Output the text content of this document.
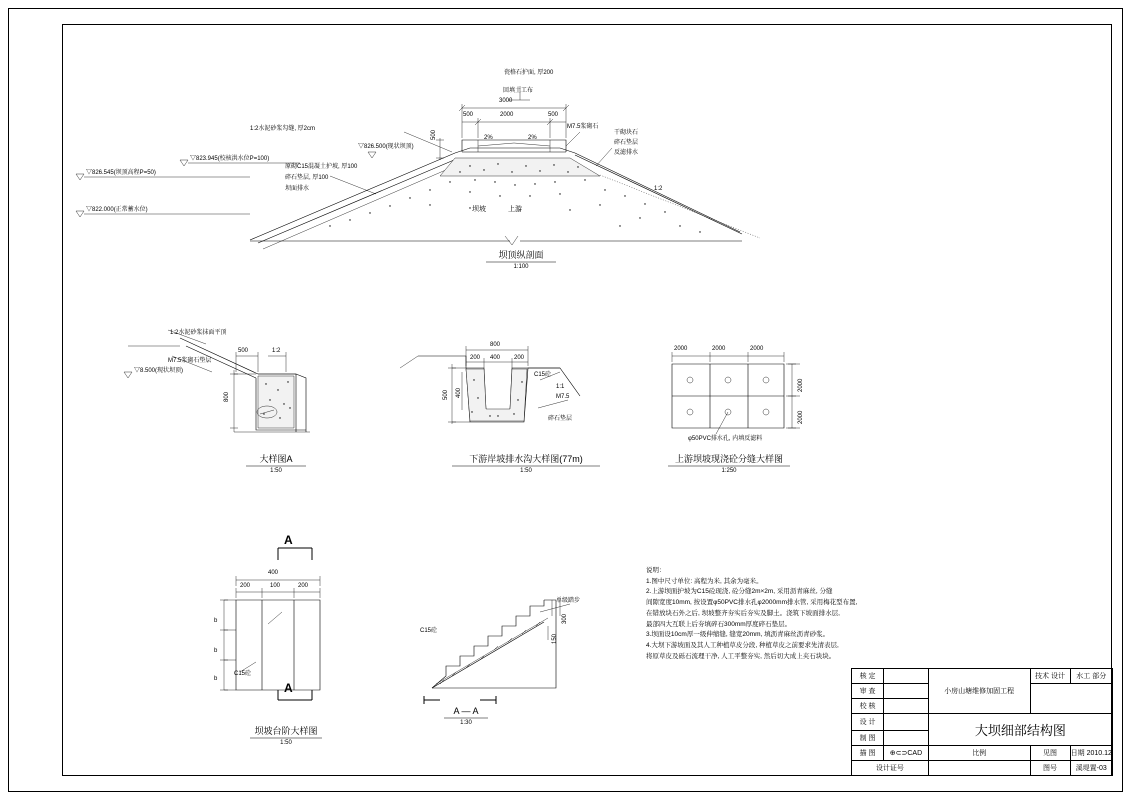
瓷格石护面, 厚200
回填土工布
3000
500	2000	500
M7.5浆砌石
1:2水泥砂浆勾缝, 厚2cm
▽826.500(现状坝顶)
500	2%	2%
干砌块石
碎石垫层
反滤排水
原砌C15混凝土护坡, 厚100
碎石垫层, 厚100
坝面排水
坝坡	上游
1:2
▽826.545(坝顶高程P=50)
▽823.945(校核洪水位P=100)
▽822.000(正常蓄水位)
坝顶纵剖面
1:100
1:2水泥砂浆抹面平顶
M7.5浆砌石垫层
500	1:2
800
▽8.500(现状坝顶)
大样图A
1:50
800
200 400 200
C15砼
500 400
1:1
M7.5
碎石垫层
下游岸坡排水沟大样图(77m)
1:50
2000	2000	2000
2000
2000
φ50PVC排水孔, 内填反滤料
上游坝坡现浇砼分缝大样图
1:250
400
200	100	200
b
b
b
C15砼
A
A
坝坡台阶大样图
1:50
单级踏步
C15砼
300
150
A — A
1:30
说明：
1.图中尺寸单位: 高程为米, 其余为毫米。
2.上游坝面护坡为C15砼现浇, 砼分缝2m×2m, 采用沥青麻丝, 分缝
间隙宽度10mm, 按设置φ50PVC排水孔φ2000mm排水管, 采用梅花型布置,
在错放块石外之后, 坝坡整齐夯实后夯实及脚土。浇筑下坡面排水层,
最部四大互联上后夯填碎石300mm厚度碎石垫层。
3.坝面设10cm厚一级伸缩缝, 缝宽20mm, 填沥青麻丝沥青砂浆。
4.大坝下游坡面及其人工种植草皮分段, 种植草皮之前要求先清表层,
将原草皮及砾石流理干净, 人工平整夯实, 然后切大成上夹石块块。
核 定		小房山塘维修加固工程	技术 设计	水工 部分
审 查				
校 核				
设 计		大坝细部结构图		
制 图				
描 图	⊕⊂⊃CAD	比例	见图	日期 2010.12
设计证号			图号	溪堤置-03
